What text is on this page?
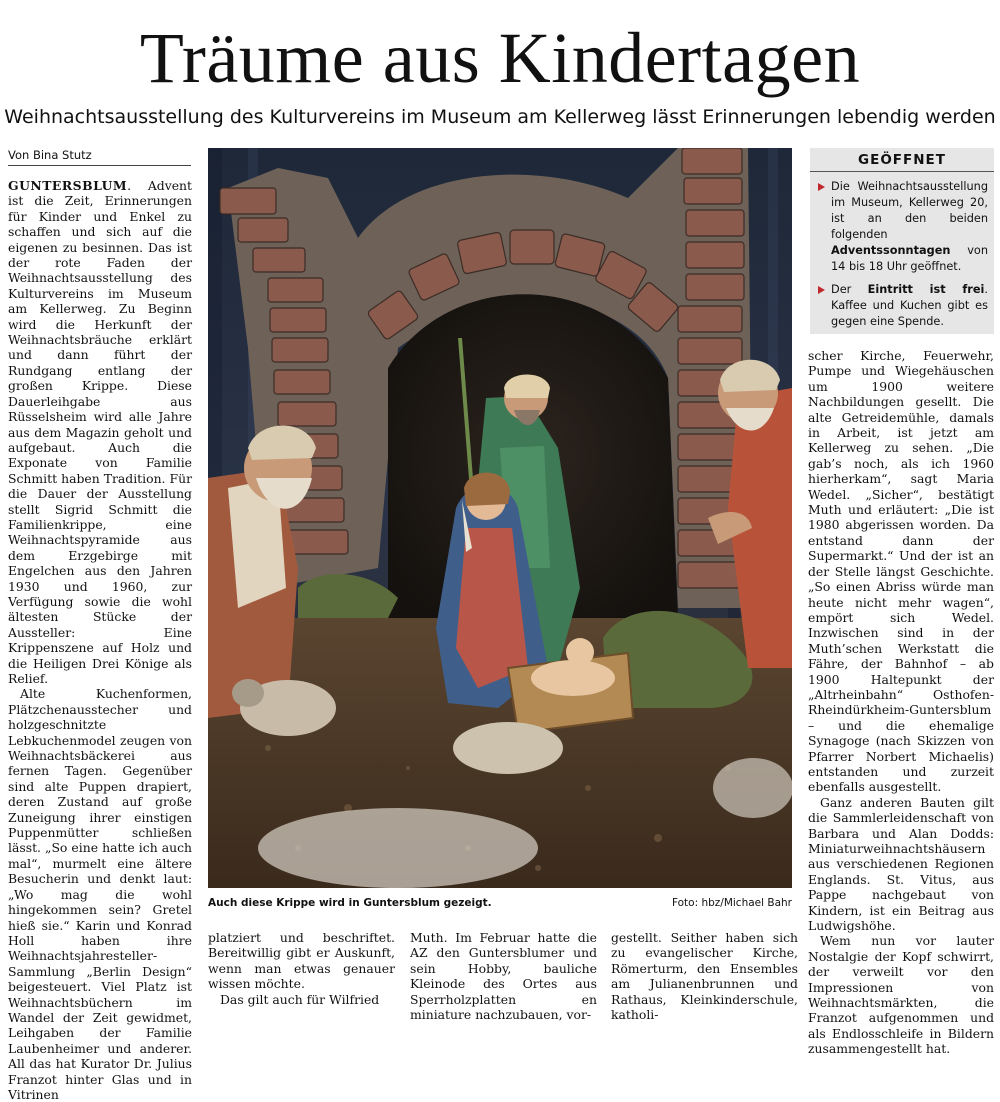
Träume aus Kindertagen
Weihnachtsausstellung des Kulturvereins im Museum am Kellerweg lässt Erinnerungen lebendig werden
Von Bina Stutz

GUNTERSBLUM. Advent ist die Zeit, Erinnerungen für Kinder und Enkel zu schaffen und sich auf die eigenen zu besinnen. Das ist der rote Faden der Weihnachtsausstellung des Kulturvereins im Museum am Kellerweg. Zu Beginn wird die Herkunft der Weihnachtsbräuche erklärt und dann führt der Rundgang entlang der großen Krippe. Diese Dauerleihgabe aus Rüsselsheim wird alle Jahre aus dem Magazin geholt und aufgebaut. Auch die Exponate von Familie Schmitt haben Tradition. Für die Dauer der Ausstellung stellt Sigrid Schmitt die Familienkrippe, eine Weihnachtspyramide aus dem Erzgebirge mit Engelchen aus den Jahren 1930 und 1960, zur Verfügung sowie die wohl ältesten Stücke der Aussteller: Eine Krippenszene auf Holz und die Heiligen Drei Könige als Relief.

Alte Kuchenformen, Plätzchenausstecher und holzgeschnitzte Lebkuchenmodel zeugen von Weihnachtsbäckerei aus fernen Tagen. Gegenüber sind alte Puppen drapiert, deren Zustand auf große Zuneigung ihrer einstigen Puppenmütter schließen lässt. „So eine hatte ich auch mal“, murmelt eine ältere Besucherin und denkt laut: „Wo mag die wohl hingekommen sein? Gretel hieß sie.“ Karin und Konrad Holl haben ihre Weihnachtsjahresteller-Sammlung „Berlin Design“ beigesteuert. Viel Platz ist Weihnachtsbüchern im Wandel der Zeit gewidmet, Leihgaben der Familie Laubenheimer und anderer. All das hat Kurator Dr. Julius Franzot hinter Glas und in Vitrinen

Auch diese Krippe wird in Guntersblum gezeigt.	Foto: hbz/Michael Bahr
GEÖFFNET
Die Weihnachtsausstellung im Museum, Kellerweg 20, ist an den beiden folgenden Adventssonntagen von 14 bis 18 Uhr geöffnet.
Der Eintritt ist frei. Kaffee und Kuchen gibt es gegen eine Spende.

platziert und beschriftet. Bereitwillig gibt er Auskunft, wenn man etwas genauer wissen möchte.

Das gilt auch für Wilfried

Muth. Im Februar hatte die AZ den Guntersblumer und sein Hobby, bauliche Kleinode des Ortes aus Sperrholzplatten en miniature nachzubauen, vor-

gestellt. Seither haben sich zu evangelischer Kirche, Römerturm, den Ensembles am Julianenbrunnen und Rathaus, Kleinkinderschule, katholi-

scher Kirche, Feuerwehr, Pumpe und Wiegehäuschen um 1900 weitere Nachbildungen gesellt. Die alte Getreidemühle, damals in Arbeit, ist jetzt am Kellerweg zu sehen. „Die gab’s noch, als ich 1960 hierherkam“, sagt Maria Wedel. „Sicher“, bestätigt Muth und erläutert: „Die ist 1980 abgerissen worden. Da entstand dann der Supermarkt.“ Und der ist an der Stelle längst Geschichte. „So einen Abriss würde man heute nicht mehr wagen“, empört sich Wedel. Inzwischen sind in der Muth’schen Werkstatt die Fähre, der Bahnhof – ab 1900 Haltepunkt der „Altrheinbahn“ Osthofen-Rheindürkheim-Guntersblum – und die ehemalige Synagoge (nach Skizzen von Pfarrer Norbert Michaelis) entstanden und zurzeit ebenfalls ausgestellt.

Ganz anderen Bauten gilt die Sammlerleidenschaft von Barbara und Alan Dodds: Miniaturweihnachtshäusern aus verschiedenen Regionen Englands. St. Vitus, aus Pappe nachgebaut von Kindern, ist ein Beitrag aus Ludwigshöhe.

Wem nun vor lauter Nostalgie der Kopf schwirrt, der verweilt vor den Impressionen von Weihnachtsmärkten, die Franzot aufgenommen und als Endlosschleife in Bildern zusammengestellt hat.
